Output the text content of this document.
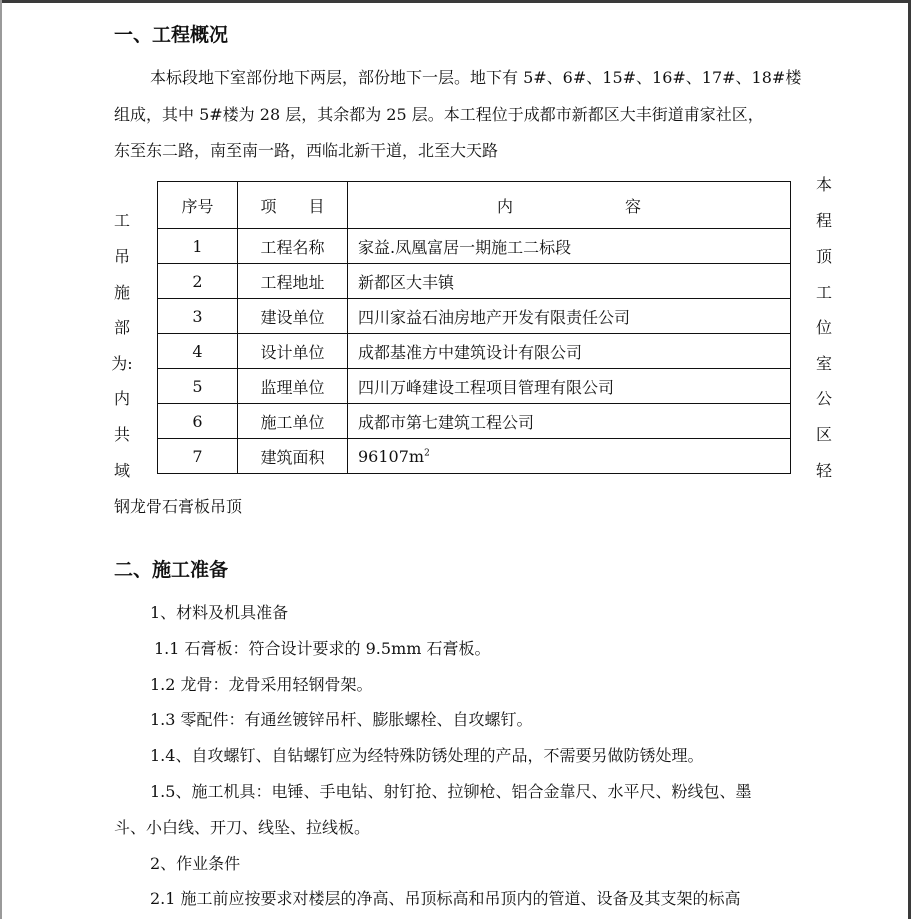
一、工程概况
本标段地下室部份地下两层，部份地下一层。地下有 5#、6#、15#、16#、17#、18#楼
组成，其中 5#楼为 28 层，其余都为 25 层。本工程位于成都市新都区大丰街道甫家社区，
东至东二路，南至南一路，西临北新干道，北至大天路
工
吊
施
部
为:
内
共
域
本
程
顶
工
位
室
公
区
轻
序号	项　　目	内　　　　　　　容
1	工程名称	家益.凤凰富居一期施工二标段
2	工程地址	新都区大丰镇
3	建设单位	四川家益石油房地产开发有限责任公司
4	设计单位	成都基准方中建筑设计有限公司
5	监理单位	四川万峰建设工程项目管理有限公司
6	施工单位	成都市第七建筑工程公司
7	建筑面积	$96107m^2$
钢龙骨石膏板吊顶
二、施工准备
1、材料及机具准备
1.1 石膏板：符合设计要求的 9.5mm 石膏板。
1.2 龙骨：龙骨采用轻钢骨架。
1.3 零配件：有通丝镀锌吊杆、膨胀螺栓、自攻螺钉。
1.4、自攻螺钉、自钻螺钉应为经特殊防锈处理的产品，不需要另做防锈处理。
1.5、施工机具：电锤、手电钻、射钉抢、拉铆枪、铝合金靠尺、水平尺、粉线包、墨
斗、小白线、开刀、线坠、拉线板。
2、作业条件
2.1 施工前应按要求对楼层的净高、吊顶标高和吊顶内的管道、设备及其支架的标高
